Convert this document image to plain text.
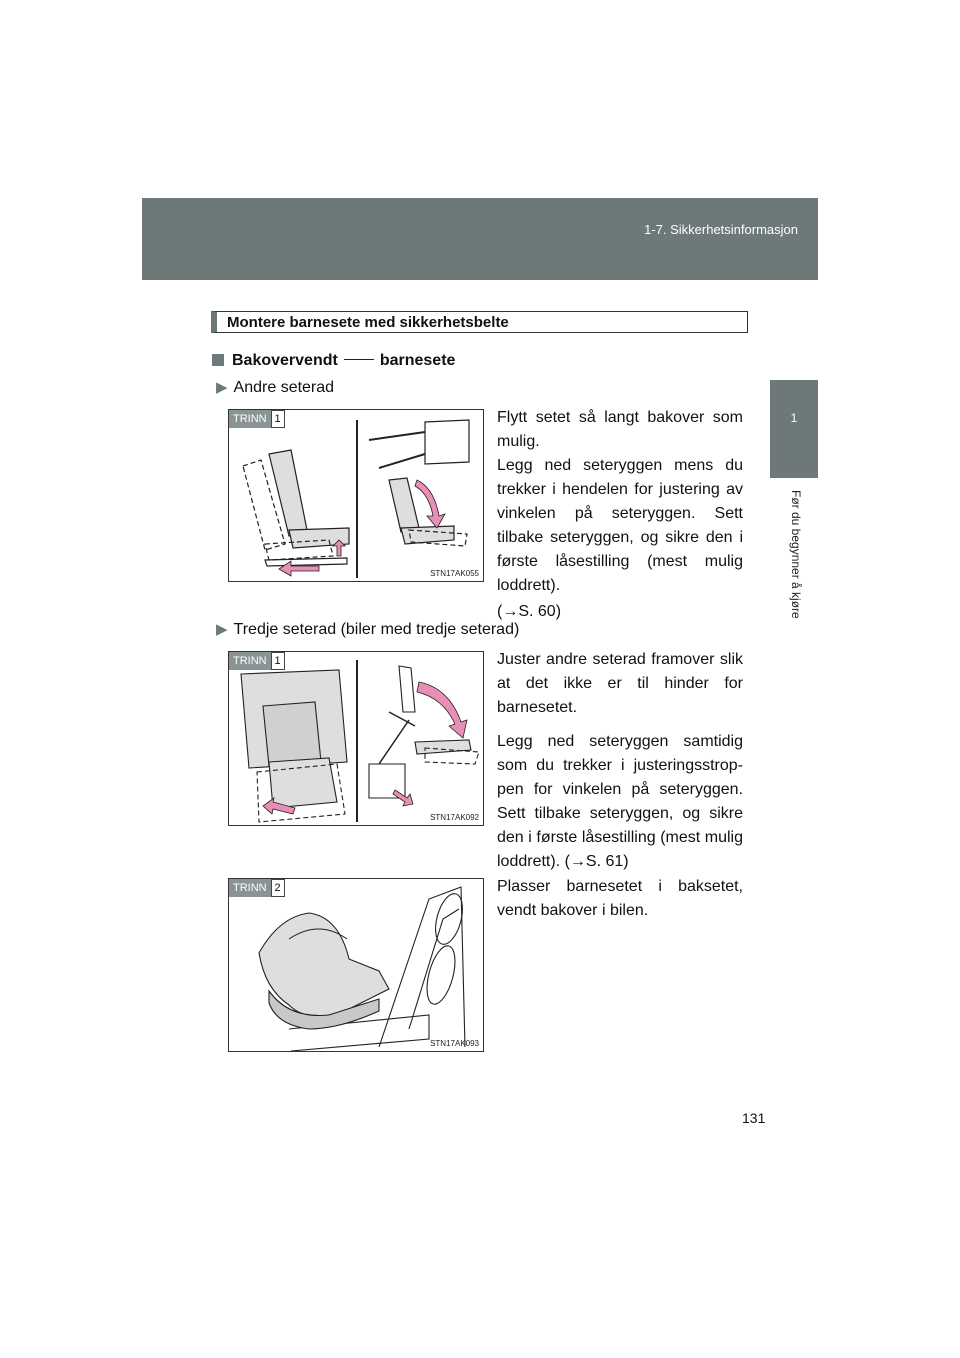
1-7. Sikkerhetsinformasjon
1
Før du begynner å kjøre
Montere barnesete med sikkerhetsbelte
Bakovervendt	barnesete
▶ Andre seterad
TRINN 1
STN17AK055
Flytt setet så langt bakover som mulig.
Legg ned seteryggen mens du trekker i hendelen for justering av vinkelen på seteryggen. Sett tilbake seteryggen, og sikre den i første låsestilling (mest mulig loddrett).
(→S. 60)
▶ Tredje seterad (biler med tredje seterad)
TRINN 1
STN17AK092
Juster andre seterad framover slik at det ikke er til hinder for barnesetet.
Legg ned seteryggen samtidig som du trekker i justeringsstrop-pen for vinkelen på seteryggen. Sett tilbake seteryggen, og sikre den i første låsestilling (mest mulig loddrett). (→S. 61)
TRINN 2
STN17AK093
Plasser barnesetet i baksetet, vendt bakover i bilen.
131
